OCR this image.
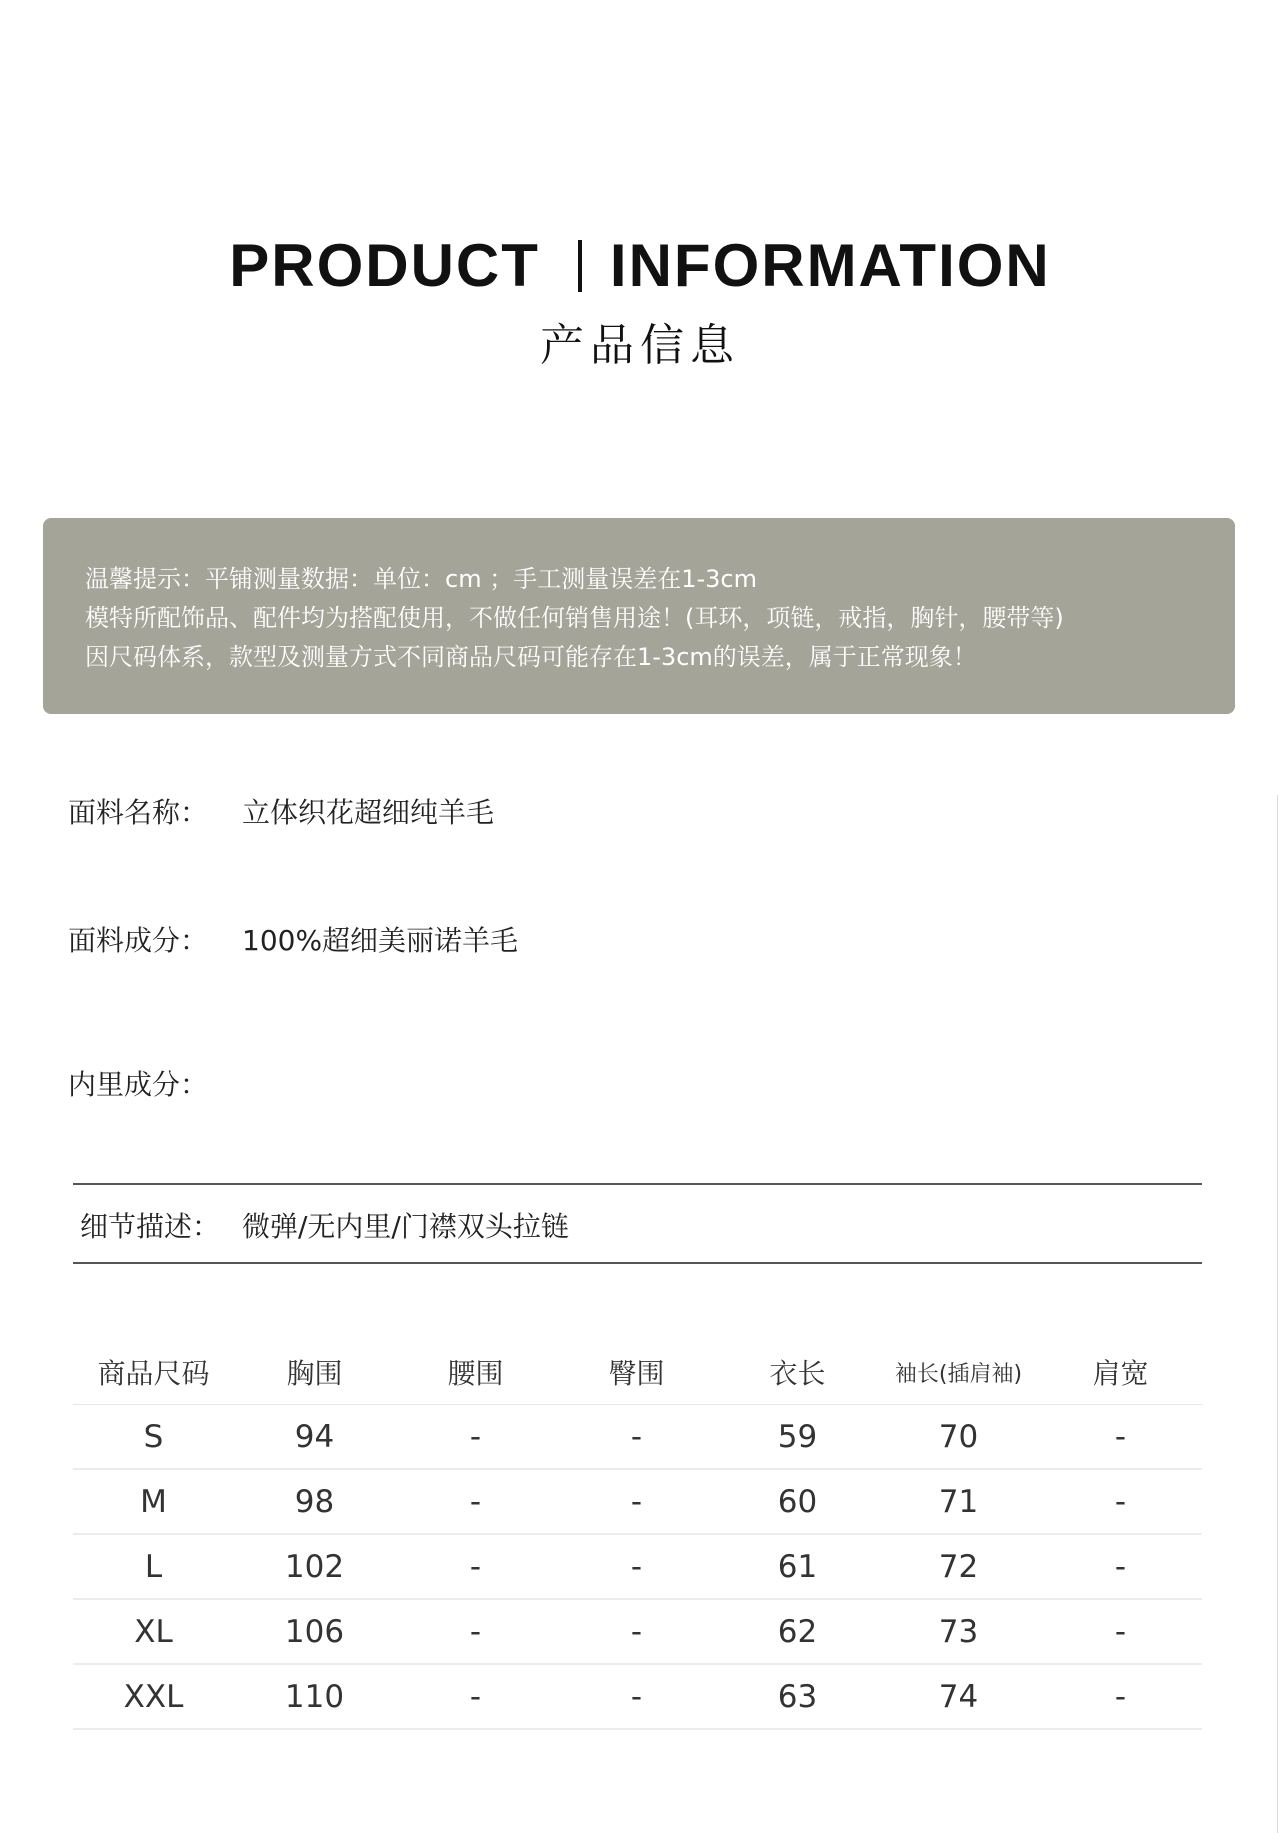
PRODUCT INFORMATION
产品信息
温馨提示：平铺测量数据：单位：cm ；手工测量误差在1-3cm
模特所配饰品、配件均为搭配使用，不做任何销售用途！(耳环，项链，戒指，胸针，腰带等)
因尺码体系，款型及测量方式不同商品尺码可能存在1-3cm的误差，属于正常现象！
面料名称：	立体织花超细纯羊毛
面料成分：	100%超细美丽诺羊毛
内里成分：
细节描述： 微弹/无内里/门襟双头拉链
商品尺码	胸围	腰围	臀围	衣长	袖长(插肩袖)	肩宽
S	94	-	-	59	70	-
M	98	-	-	60	71	-
L	102	-	-	61	72	-
XL	106	-	-	62	73	-
XXL	110	-	-	63	74	-
